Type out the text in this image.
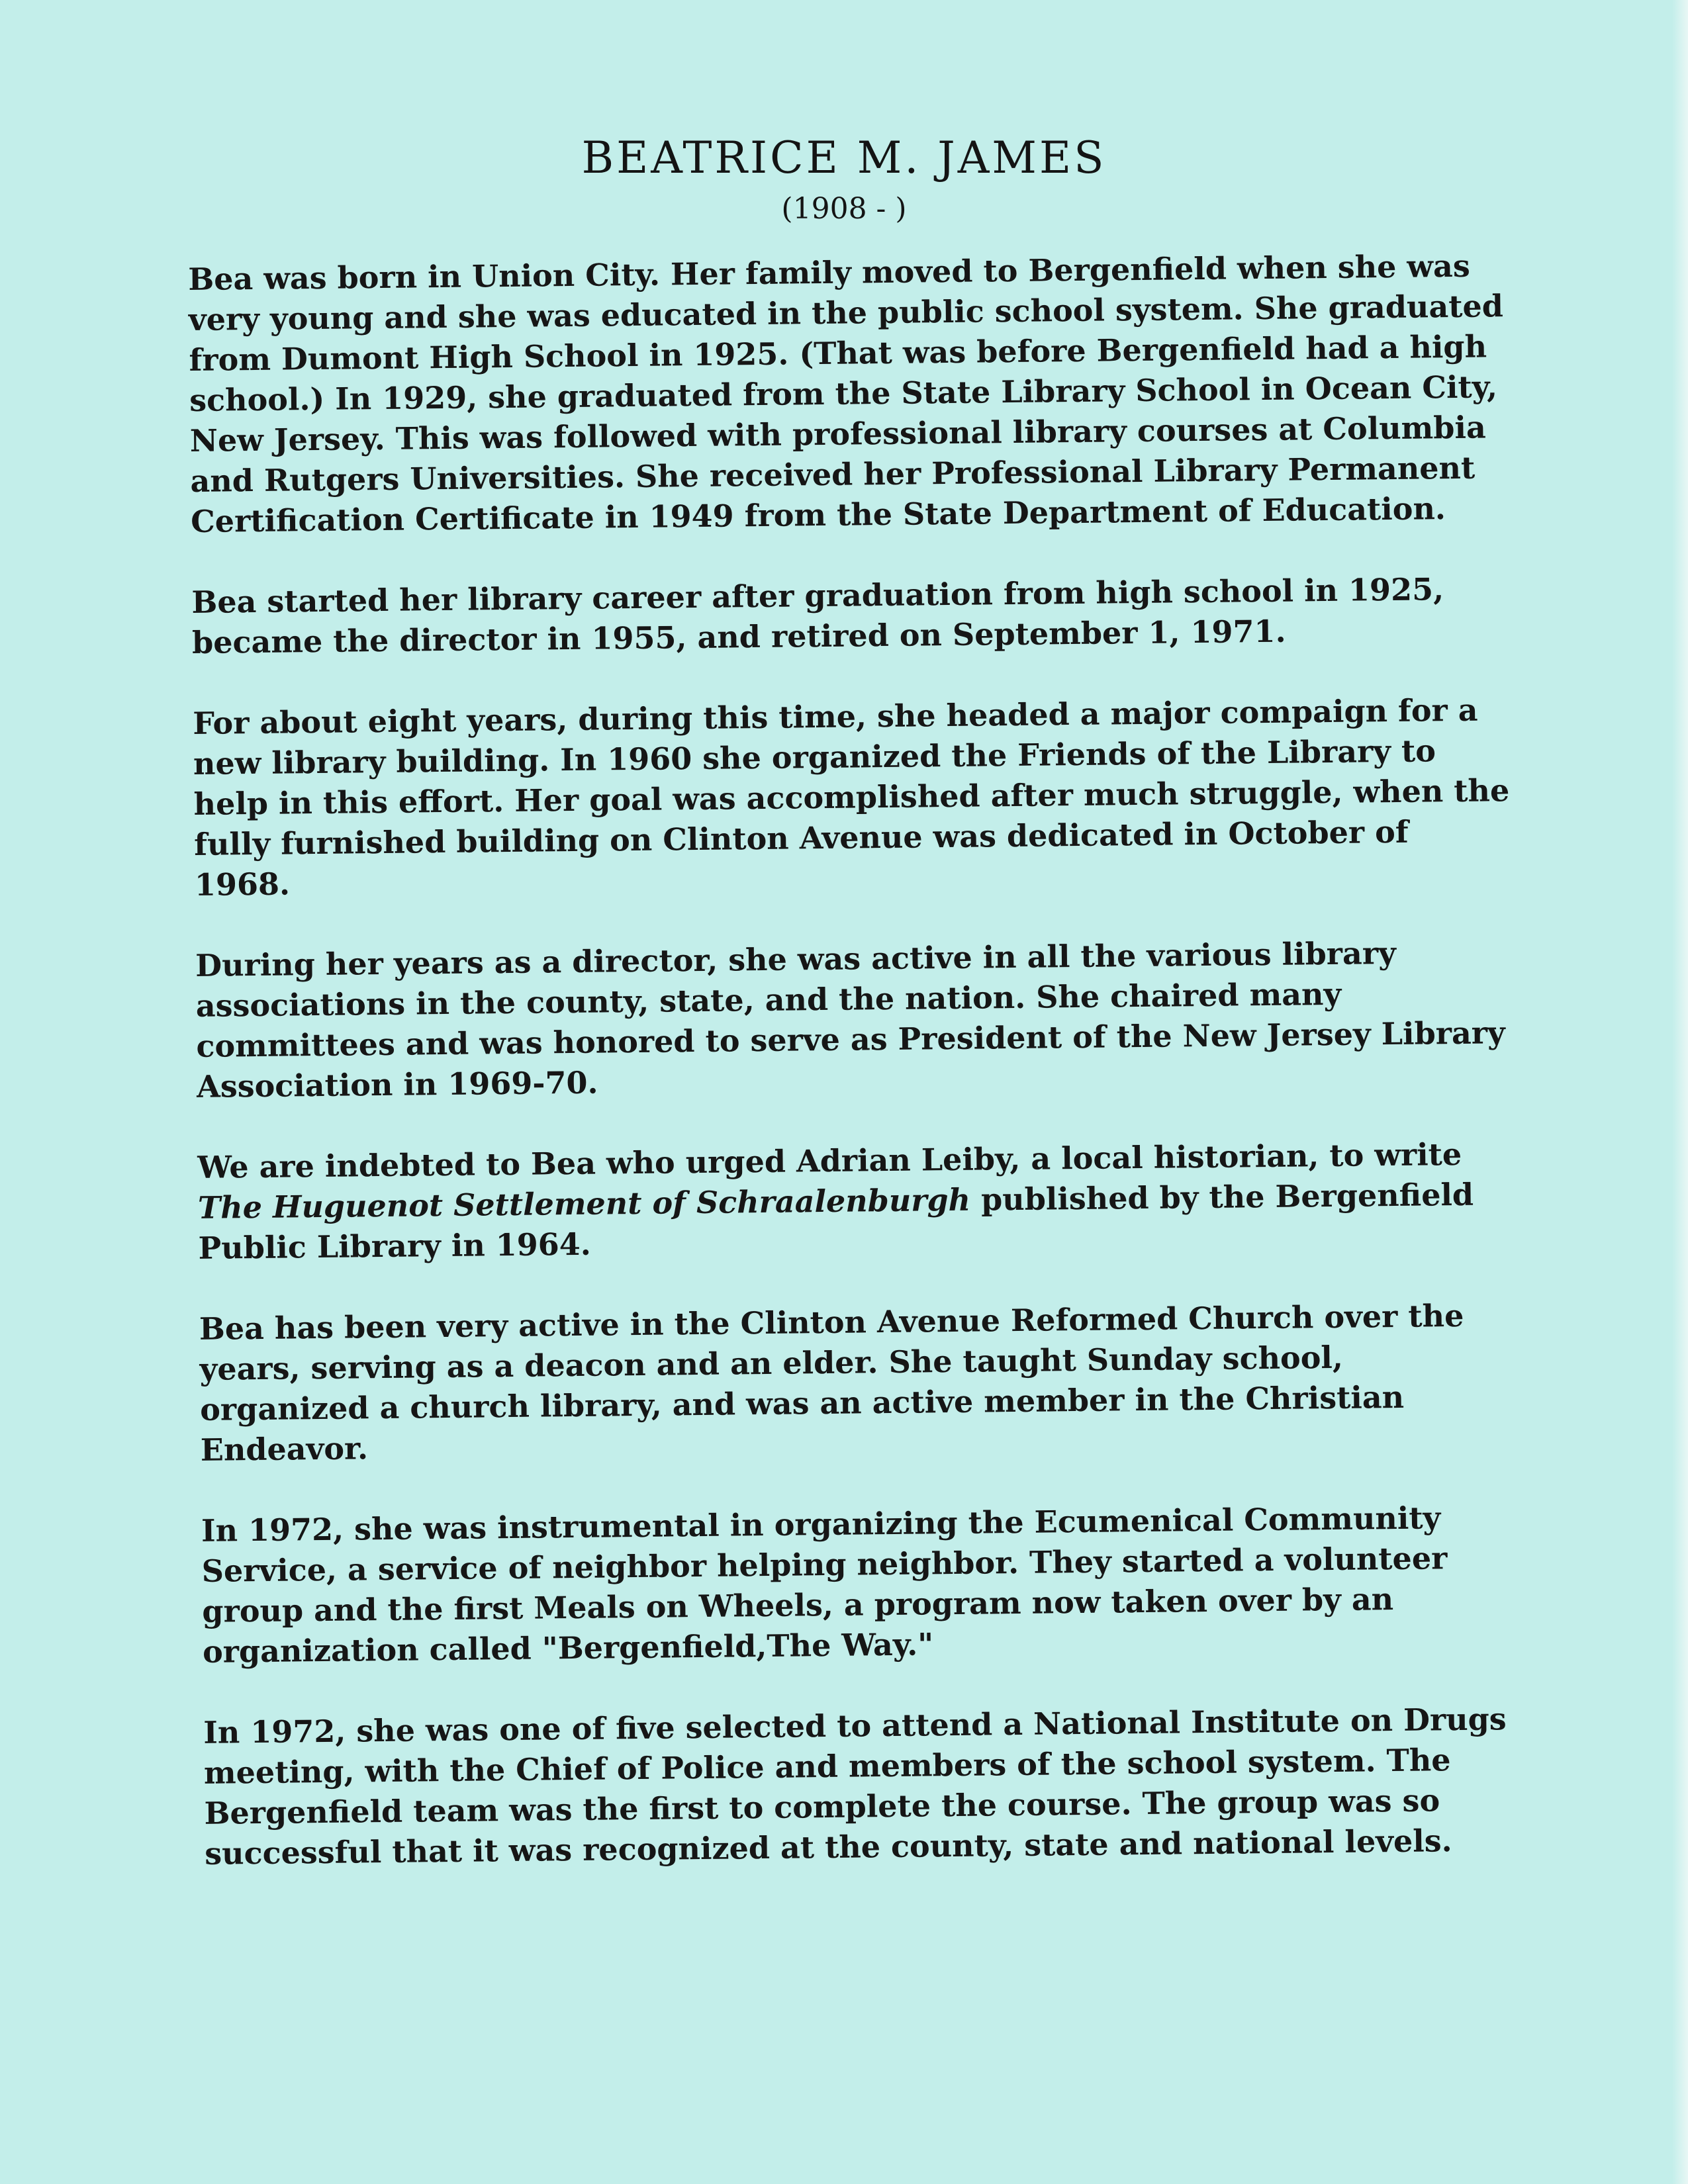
BEATRICE M. JAMES
(1908 - )

Bea was born in Union City. Her family moved to Bergenfield when she was very young and she was educated in the public school system. She graduated from Dumont High School in 1925. (That was before Bergenfield had a high school.) In 1929, she graduated from the State Library School in Ocean City, New Jersey. This was followed with professional library courses at Columbia and Rutgers Universities. She received her Professional Library Permanent Certification Certificate in 1949 from the State Department of Education.

Bea started her library career after graduation from high school in 1925, became the director in 1955, and retired on September 1, 1971.

For about eight years, during this time, she headed a major compaign for a new library building. In 1960 she organized the Friends of the Library to help in this effort. Her goal was accomplished after much struggle, when the fully furnished building on Clinton Avenue was dedicated in October of 1968.

During her years as a director, she was active in all the various library associations in the county, state, and the nation. She chaired many committees and was honored to serve as President of the New Jersey Library Association in 1969-70.

We are indebted to Bea who urged Adrian Leiby, a local historian, to write The Huguenot Settlement of Schraalenburgh published by the Bergenfield Public Library in 1964.

Bea has been very active in the Clinton Avenue Reformed Church over the years, serving as a deacon and an elder. She taught Sunday school, organized a church library, and was an active member in the Christian Endeavor.

In 1972, she was instrumental in organizing the Ecumenical Community Service, a service of neighbor helping neighbor. They started a volunteer group and the first Meals on Wheels, a program now taken over by an organization called "Bergenfield,The Way."

In 1972, she was one of five selected to attend a National Institute on Drugs meeting, with the Chief of Police and members of the school system. The Bergenfield team was the first to complete the course. The group was so successful that it was recognized at the county, state and national levels.
